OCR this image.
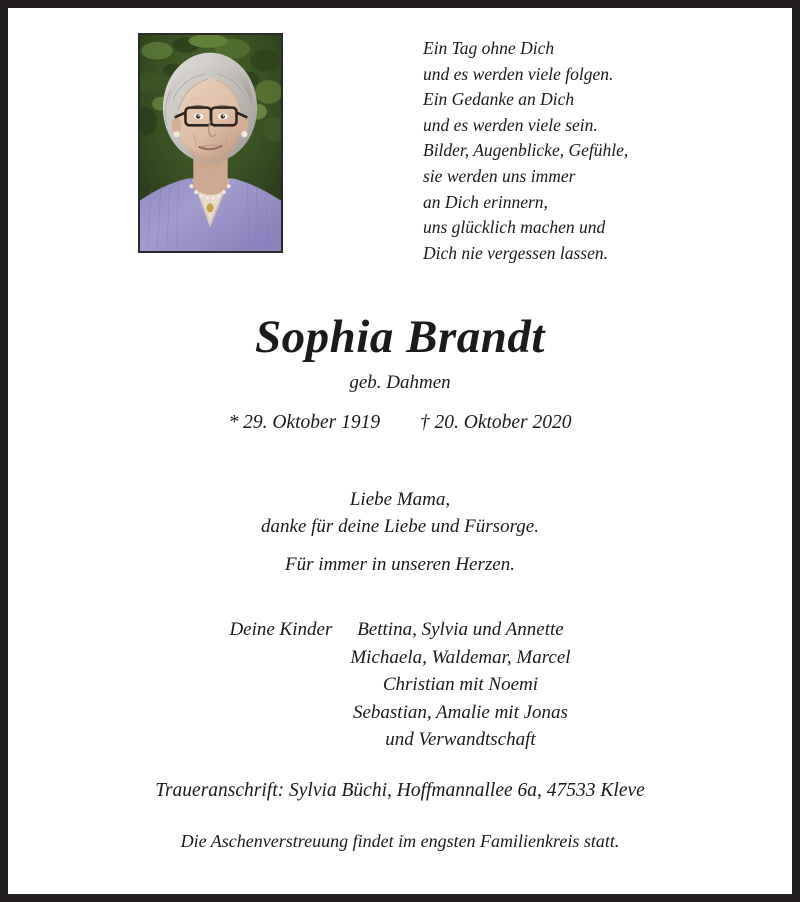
Ein Tag ohne Dich
und es werden viele folgen.
Ein Gedanke an Dich
und es werden viele sein.
Bilder, Augenblicke, Gefühle,
sie werden uns immer
an Dich erinnern,
uns glücklich machen und
Dich nie vergessen lassen.
Sophia Brandt
geb. Dahmen
* 29. Oktober 1919 † 20. Oktober 2020
Liebe Mama,
danke für deine Liebe und Fürsorge.
Für immer in unseren Herzen.
Deine Kinder	Bettina, Sylvia und Annette
Michaela, Waldemar, Marcel
Christian mit Noemi
Sebastian, Amalie mit Jonas
und Verwandtschaft
Traueranschrift: Sylvia Büchi, Hoffmannallee 6a, 47533 Kleve
Die Aschenverstreuung findet im engsten Familienkreis statt.
